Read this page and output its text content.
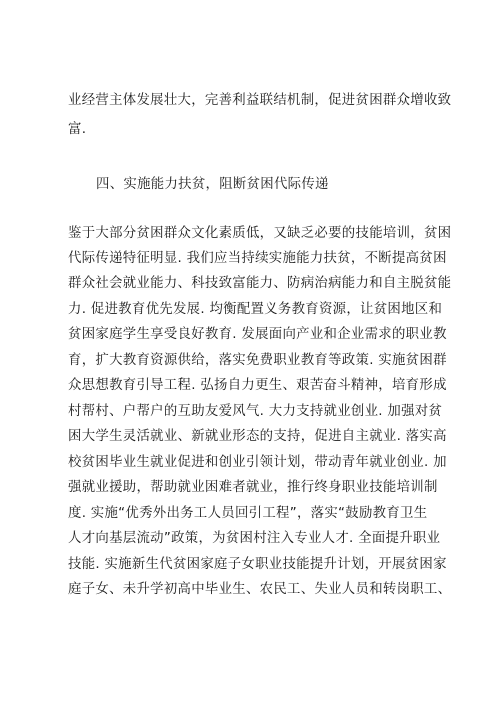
业经营主体发展壮大，完善利益联结机制，促进贫困群众增收致
富.
四、实施能力扶贫，阻断贫困代际传递
鉴于大部分贫困群众文化素质低，又缺乏必要的技能培训，贫困
代际传递特征明显. 我们应当持续实施能力扶贫，不断提高贫困
群众社会就业能力、科技致富能力、防病治病能力和自主脱贫能
力. 促进教育优先发展. 均衡配置义务教育资源，让贫困地区和
贫困家庭学生享受良好教育. 发展面向产业和企业需求的职业教
育，扩大教育资源供给，落实免费职业教育等政策. 实施贫困群
众思想教育引导工程. 弘扬自力更生、艰苦奋斗精神，培育形成
村帮村、户帮户的互助友爱风气. 大力支持就业创业. 加强对贫
困大学生灵活就业、新就业形态的支持，促进自主就业. 落实高
校贫困毕业生就业促进和创业引领计划，带动青年就业创业. 加
强就业援助，帮助就业困难者就业，推行终身职业技能培训制
度. 实施“优秀外出务工人员回引工程”，落实“鼓励教育卫生
人才向基层流动”政策，为贫困村注入专业人才. 全面提升职业
技能. 实施新生代贫困家庭子女职业技能提升计划，开展贫困家
庭子女、未升学初高中毕业生、农民工、失业人员和转岗职工、
